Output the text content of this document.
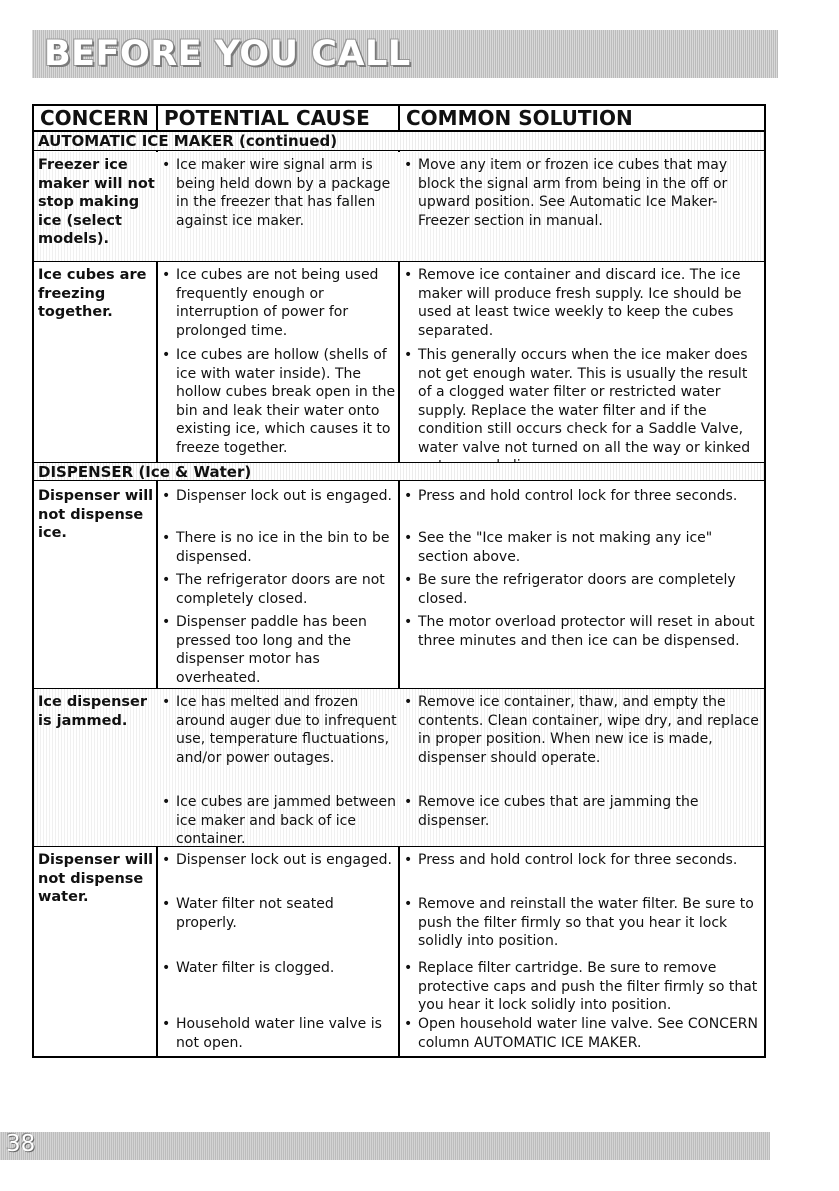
BEFORE YOU CALL
CONCERN POTENTIAL CAUSE	COMMON SOLUTION
AUTOMATIC ICE MAKER (continued)
Freezer ice maker will not stop making ice (select models).
• Ice maker wire signal arm is being held down by a package in the freezer that has fallen against ice maker.
• Move any item or frozen ice cubes that may block the signal arm from being in the off or upward position. See Automatic Ice Maker-Freezer section in manual.
Ice cubes are freezing together.
• Ice cubes are not being used frequently enough or interruption of power for prolonged time.
• Ice cubes are hollow (shells of ice with water inside). The hollow cubes break open in the bin and leak their water onto existing ice, which causes it to freeze together.
• Remove ice container and discard ice. The ice maker will produce fresh supply. Ice should be used at least twice weekly to keep the cubes separated.
• This generally occurs when the ice maker does not get enough water. This is usually the result of a clogged water filter or restricted water supply. Replace the water filter and if the condition still occurs check for a Saddle Valve, water valve not turned on all the way or kinked
DISPENSER (Ice & Water)
Dispenser will not dispense ice.
• Dispenser lock out is engaged.
• There is no ice in the bin to be dispensed.
• The refrigerator doors are not completely closed.
• Dispenser paddle has been pressed too long and the dispenser motor has overheated.
• Press and hold control lock for three seconds.
• See the "Ice maker is not making any ice" section above.
• Be sure the refrigerator doors are completely closed.
• The motor overload protector will reset in about three minutes and then ice can be dispensed.
Ice dispenser is jammed.
• Ice has melted and frozen around auger due to infrequent use, temperature fluctuations, and/or power outages.
• Ice cubes are jammed between ice maker and back of ice container.
• Remove ice container, thaw, and empty the contents. Clean container, wipe dry, and replace in proper position. When new ice is made, dispenser should operate.
• Remove ice cubes that are jamming the dispenser.
Dispenser will not dispense water.
• Dispenser lock out is engaged.
• Water filter not seated properly.
• Water filter is clogged.
• Household water line valve is not open.
• Press and hold control lock for three seconds.
• Remove and reinstall the water filter. Be sure to push the filter firmly so that you hear it lock solidly into position.
• Replace filter cartridge. Be sure to remove protective caps and push the filter firmly so that you hear it lock solidly into position.
• Open household water line valve. See CONCERN column AUTOMATIC ICE MAKER.
38
